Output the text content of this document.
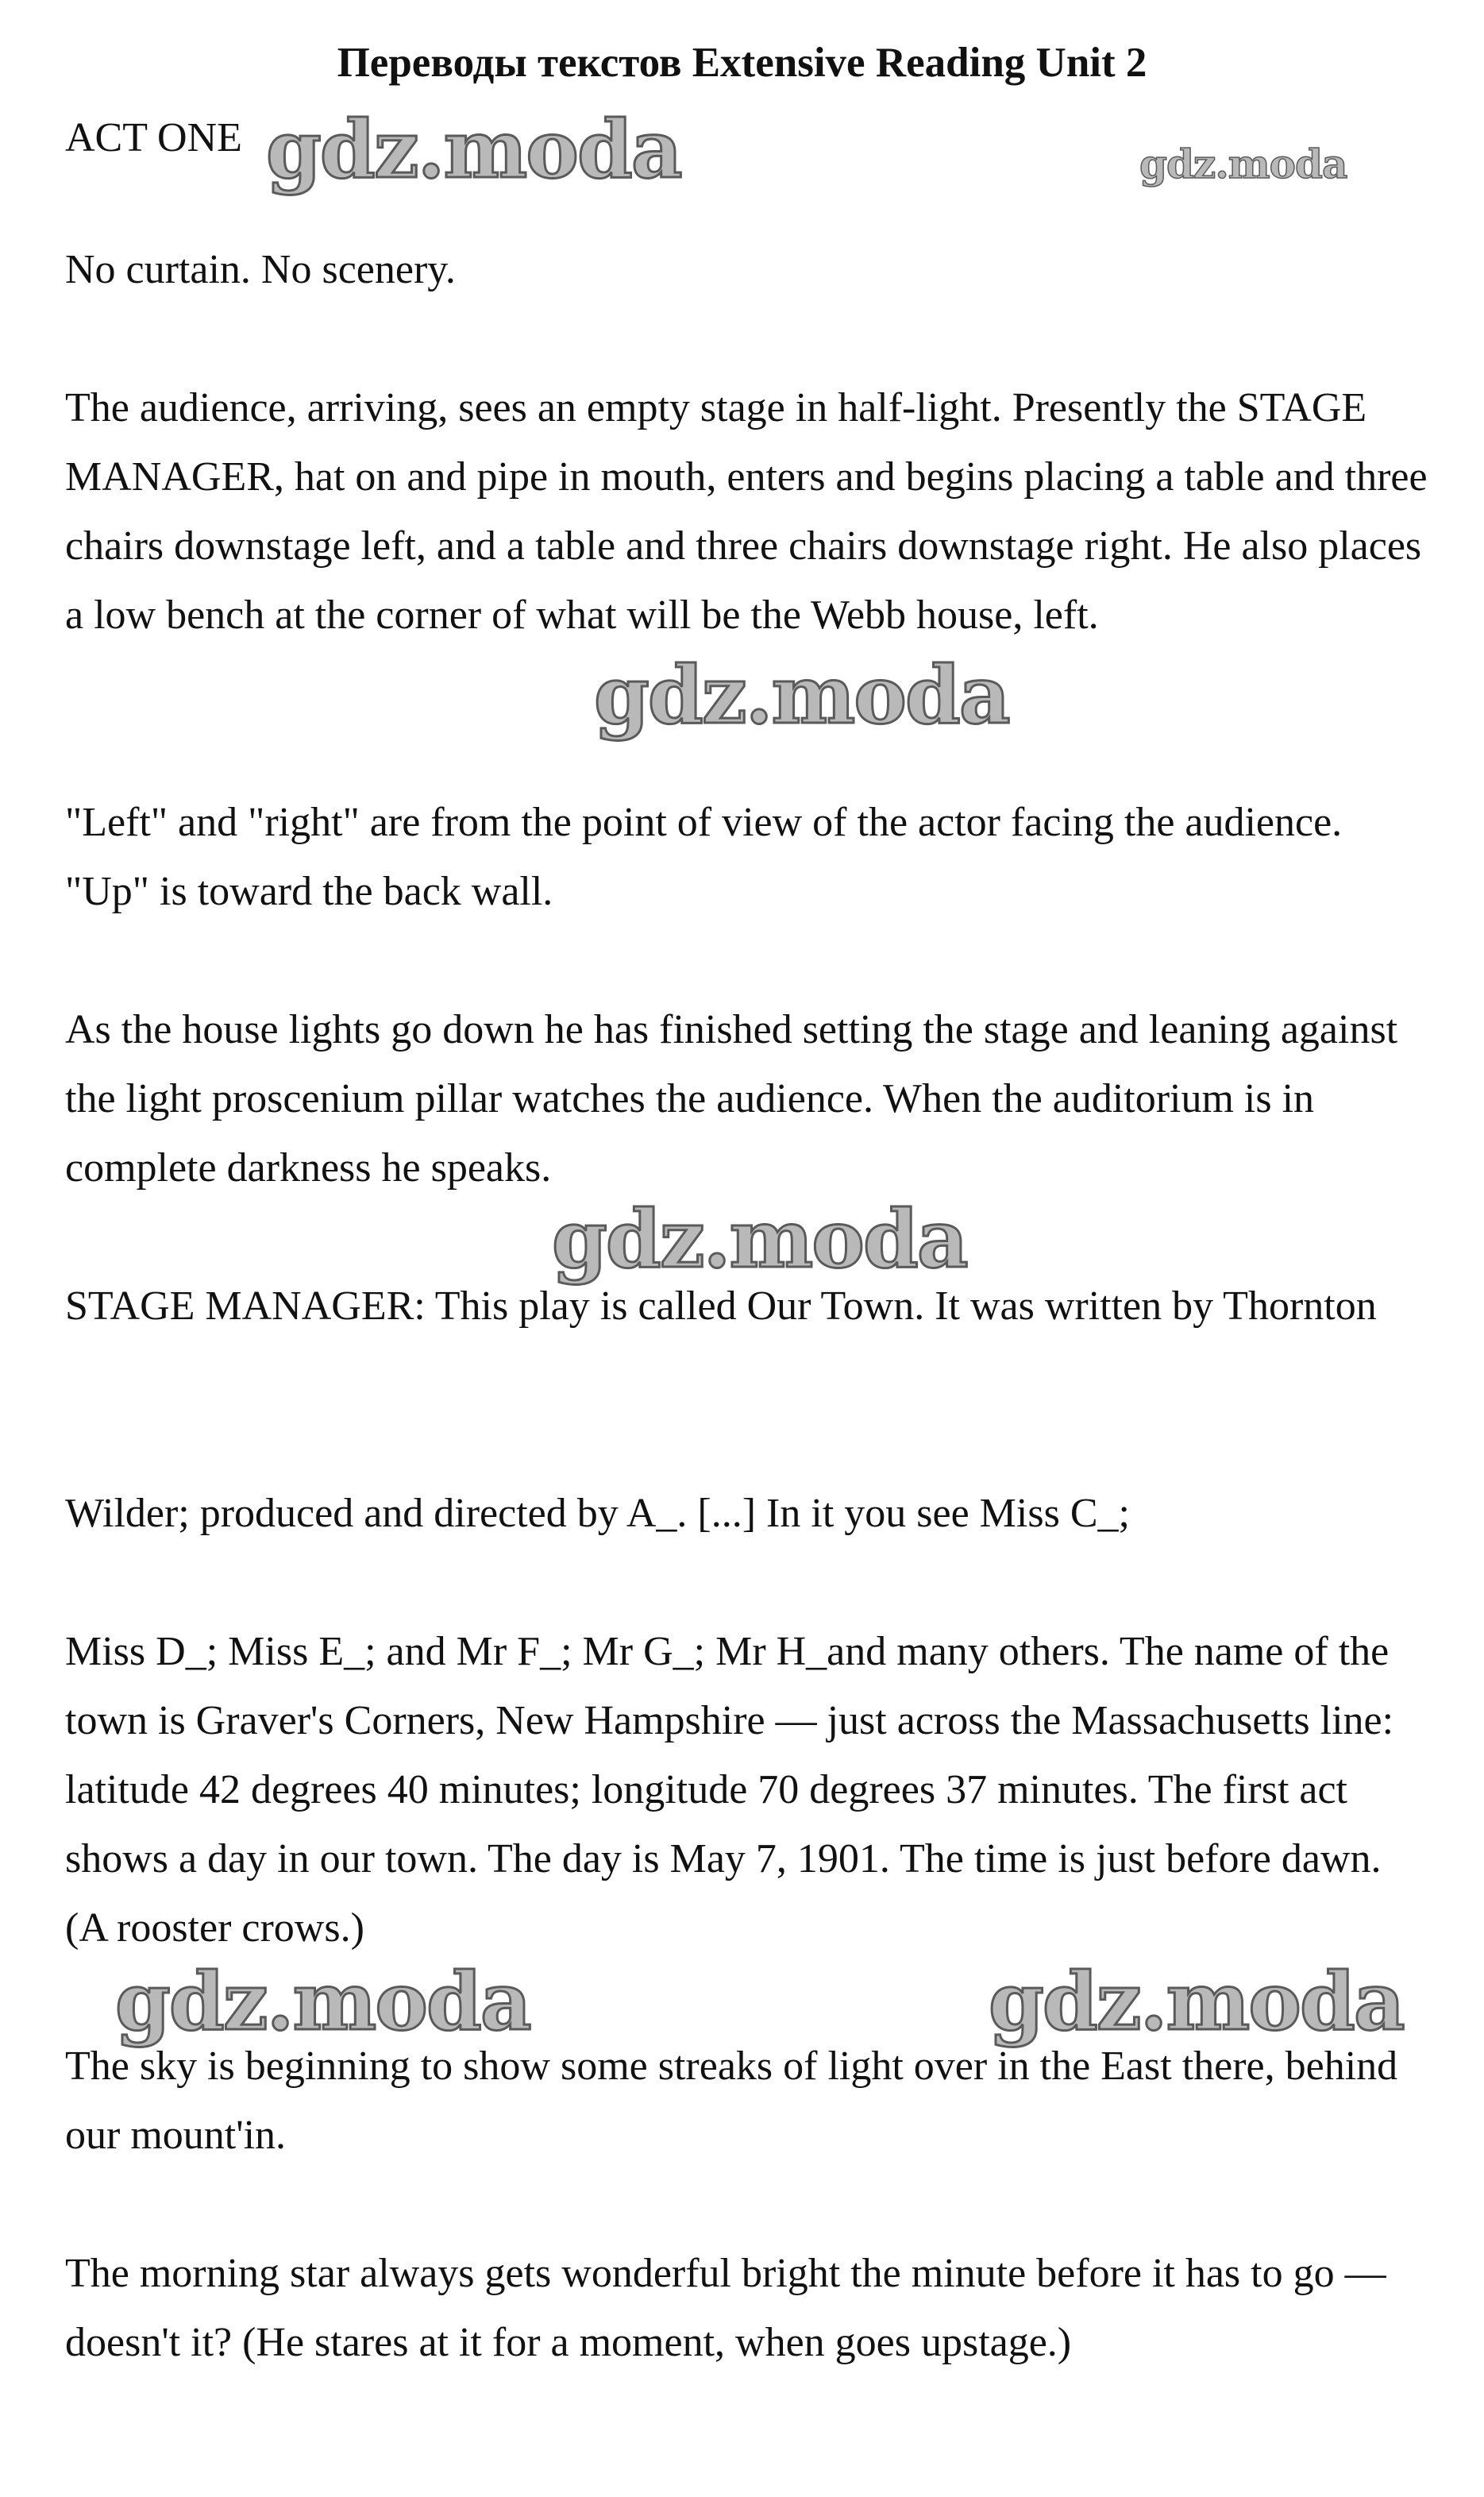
Переводы текстов Extensive Reading Unit 2

ACT ONE

No curtain. No scenery.

The audience, arriving, sees an empty stage in half-light. Presently the STAGE MANAGER, hat on and pipe in mouth, enters and begins placing a table and three chairs downstage left, and a table and three chairs downstage right. He also places a low bench at the corner of what will be the Webb house, left.

"Left" and "right" are from the point of view of the actor facing the audience. "Up" is toward the back wall.

As the house lights go down he has finished setting the stage and leaning against the light proscenium pillar watches the audience. When the auditorium is in complete darkness he speaks.

STAGE MANAGER: This play is called Our Town. It was written by Thornton

Wilder; produced and directed by A_. [...] In it you see Miss C_;

Miss D_; Miss E_; and Mr F_; Mr G_; Mr H_and many others. The name of the town is Graver's Corners, New Hampshire — just across the Massachusetts line: latitude 42 degrees 40 minutes; longitude 70 degrees 37 minutes. The first act shows a day in our town. The day is May 7, 1901. The time is just before dawn. (A rooster crows.)

The sky is beginning to show some streaks of light over in the East there, behind our mount'in.

The morning star always gets wonderful bright the minute before it has to go — doesn't it? (He stares at it for a moment, when goes upstage.)

gdz.moda	gdz.moda
gdz.moda
gdz.moda
gdz.moda	gdz.moda
